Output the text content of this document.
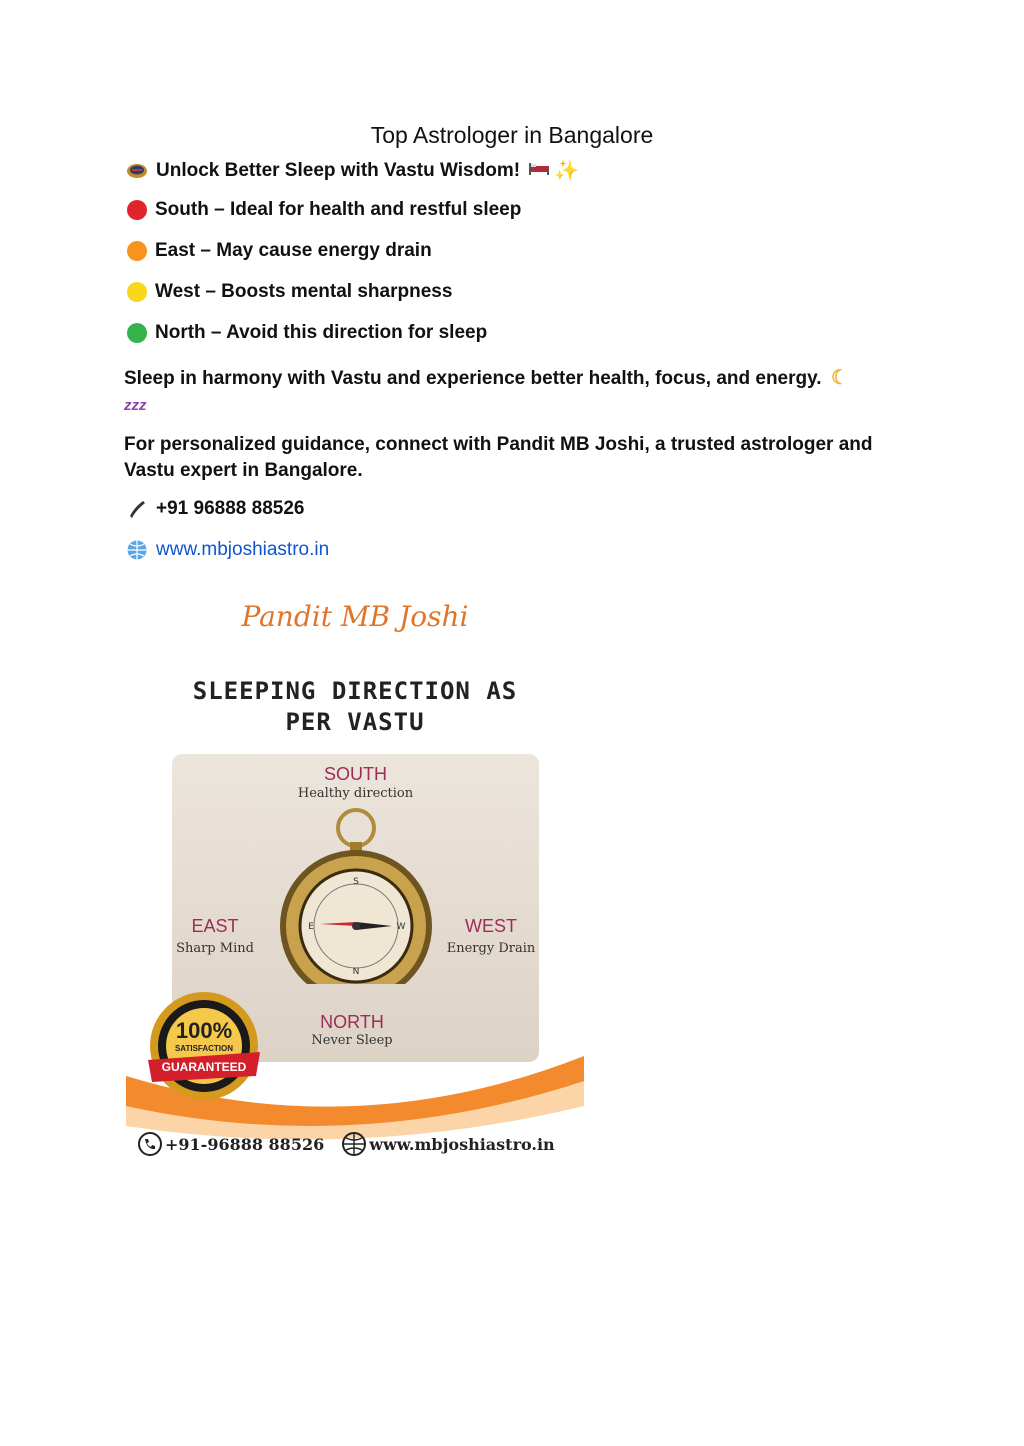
Top Astrologer in Bangalore
Unlock Better Sleep with Vastu Wisdom! ✨
South – Ideal for health and restful sleep
East – May cause energy drain
West – Boosts mental sharpness
North – Avoid this direction for sleep
Sleep in harmony with Vastu and experience better health, focus, and energy. ☾
zzz
For personalized guidance, connect with Pandit MB Joshi, a trusted astrologer and Vastu expert in Bangalore.
+91 96888 88526
www.mbjoshiastro.in
Pandit MB Joshi
SLEEPING DIRECTION AS PER VASTU
SOUTH
Healthy direction
EAST
Sharp Mind
WEST
Energy Drain
NORTH
Never Sleep
S
N
E	W
+91-96888 88526	www.mbjoshiastro.in
100%
SATISFACTION
GUARANTEED
